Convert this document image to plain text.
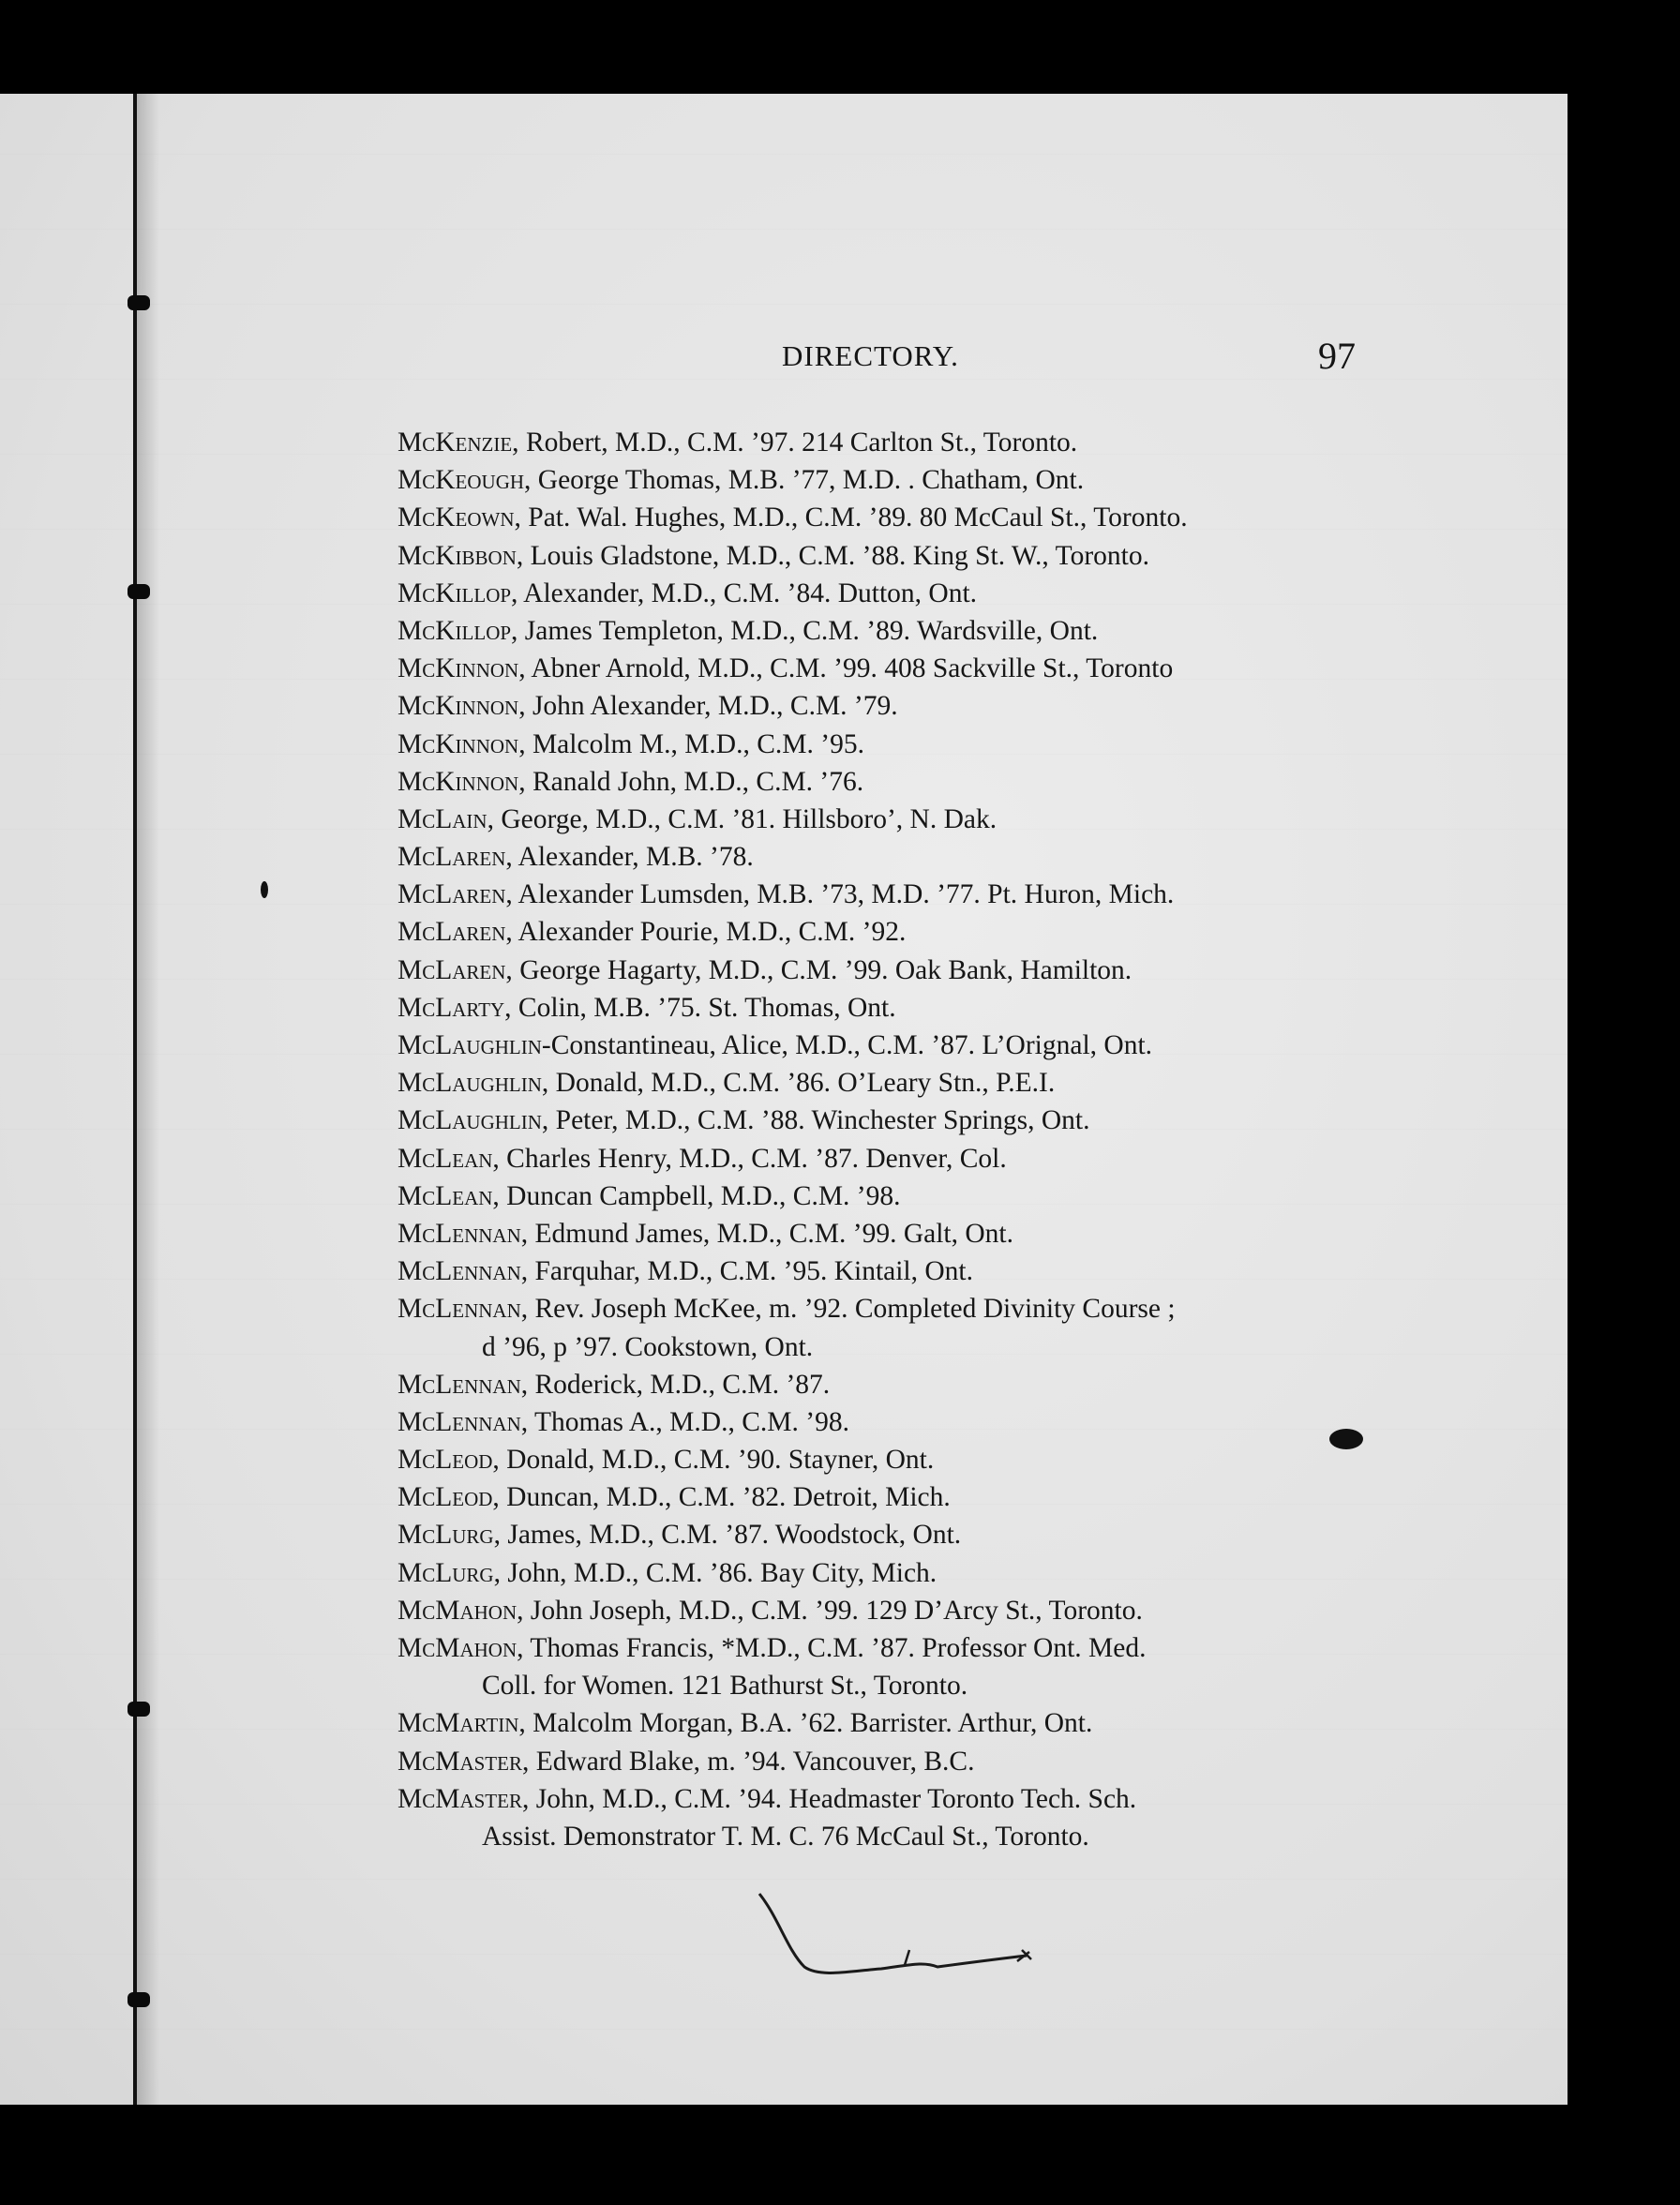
DIRECTORY.	97
McKenzie, Robert, M.D., C.M. ’97. 214 Carlton St., Toronto.
McKeough, George Thomas, M.B. ’77, M.D. . Chatham, Ont.
McKeown, Pat. Wal. Hughes, M.D., C.M. ’89. 80 McCaul St., Toronto.
McKibbon, Louis Gladstone, M.D., C.M. ’88. King St. W., Toronto.
McKillop, Alexander, M.D., C.M. ’84. Dutton, Ont.
McKillop, James Templeton, M.D., C.M. ’89. Wardsville, Ont.
McKinnon, Abner Arnold, M.D., C.M. ’99. 408 Sackville St., Toronto
McKinnon, John Alexander, M.D., C.M. ’79.
McKinnon, Malcolm M., M.D., C.M. ’95.
McKinnon, Ranald John, M.D., C.M. ’76.
McLain, George, M.D., C.M. ’81. Hillsboro’, N. Dak.
McLaren, Alexander, M.B. ’78.
McLaren, Alexander Lumsden, M.B. ’73, M.D. ’77. Pt. Huron, Mich.
McLaren, Alexander Pourie, M.D., C.M. ’92.
McLaren, George Hagarty, M.D., C.M. ’99. Oak Bank, Hamilton.
McLarty, Colin, M.B. ’75. St. Thomas, Ont.
McLaughlin-Constantineau, Alice, M.D., C.M. ’87. L’Orignal, Ont.
McLaughlin, Donald, M.D., C.M. ’86. O’Leary Stn., P.E.I.
McLaughlin, Peter, M.D., C.M. ’88. Winchester Springs, Ont.
McLean, Charles Henry, M.D., C.M. ’87. Denver, Col.
McLean, Duncan Campbell, M.D., C.M. ’98.
McLennan, Edmund James, M.D., C.M. ’99. Galt, Ont.
McLennan, Farquhar, M.D., C.M. ’95. Kintail, Ont.
McLennan, Rev. Joseph McKee, m. ’92. Completed Divinity Course ;
d ’96, p ’97. Cookstown, Ont.
McLennan, Roderick, M.D., C.M. ’87.
McLennan, Thomas A., M.D., C.M. ’98.
McLeod, Donald, M.D., C.M. ’90. Stayner, Ont.
McLeod, Duncan, M.D., C.M. ’82. Detroit, Mich.
McLurg, James, M.D., C.M. ’87. Woodstock, Ont.
McLurg, John, M.D., C.M. ’86. Bay City, Mich.
McMahon, John Joseph, M.D., C.M. ’99. 129 D’Arcy St., Toronto.
McMahon, Thomas Francis, *M.D., C.M. ’87. Professor Ont. Med.
Coll. for Women. 121 Bathurst St., Toronto.
McMartin, Malcolm Morgan, B.A. ’62. Barrister. Arthur, Ont.
McMaster, Edward Blake, m. ’94. Vancouver, B.C.
McMaster, John, M.D., C.M. ’94. Headmaster Toronto Tech. Sch.
Assist. Demonstrator T. M. C. 76 McCaul St., Toronto.
